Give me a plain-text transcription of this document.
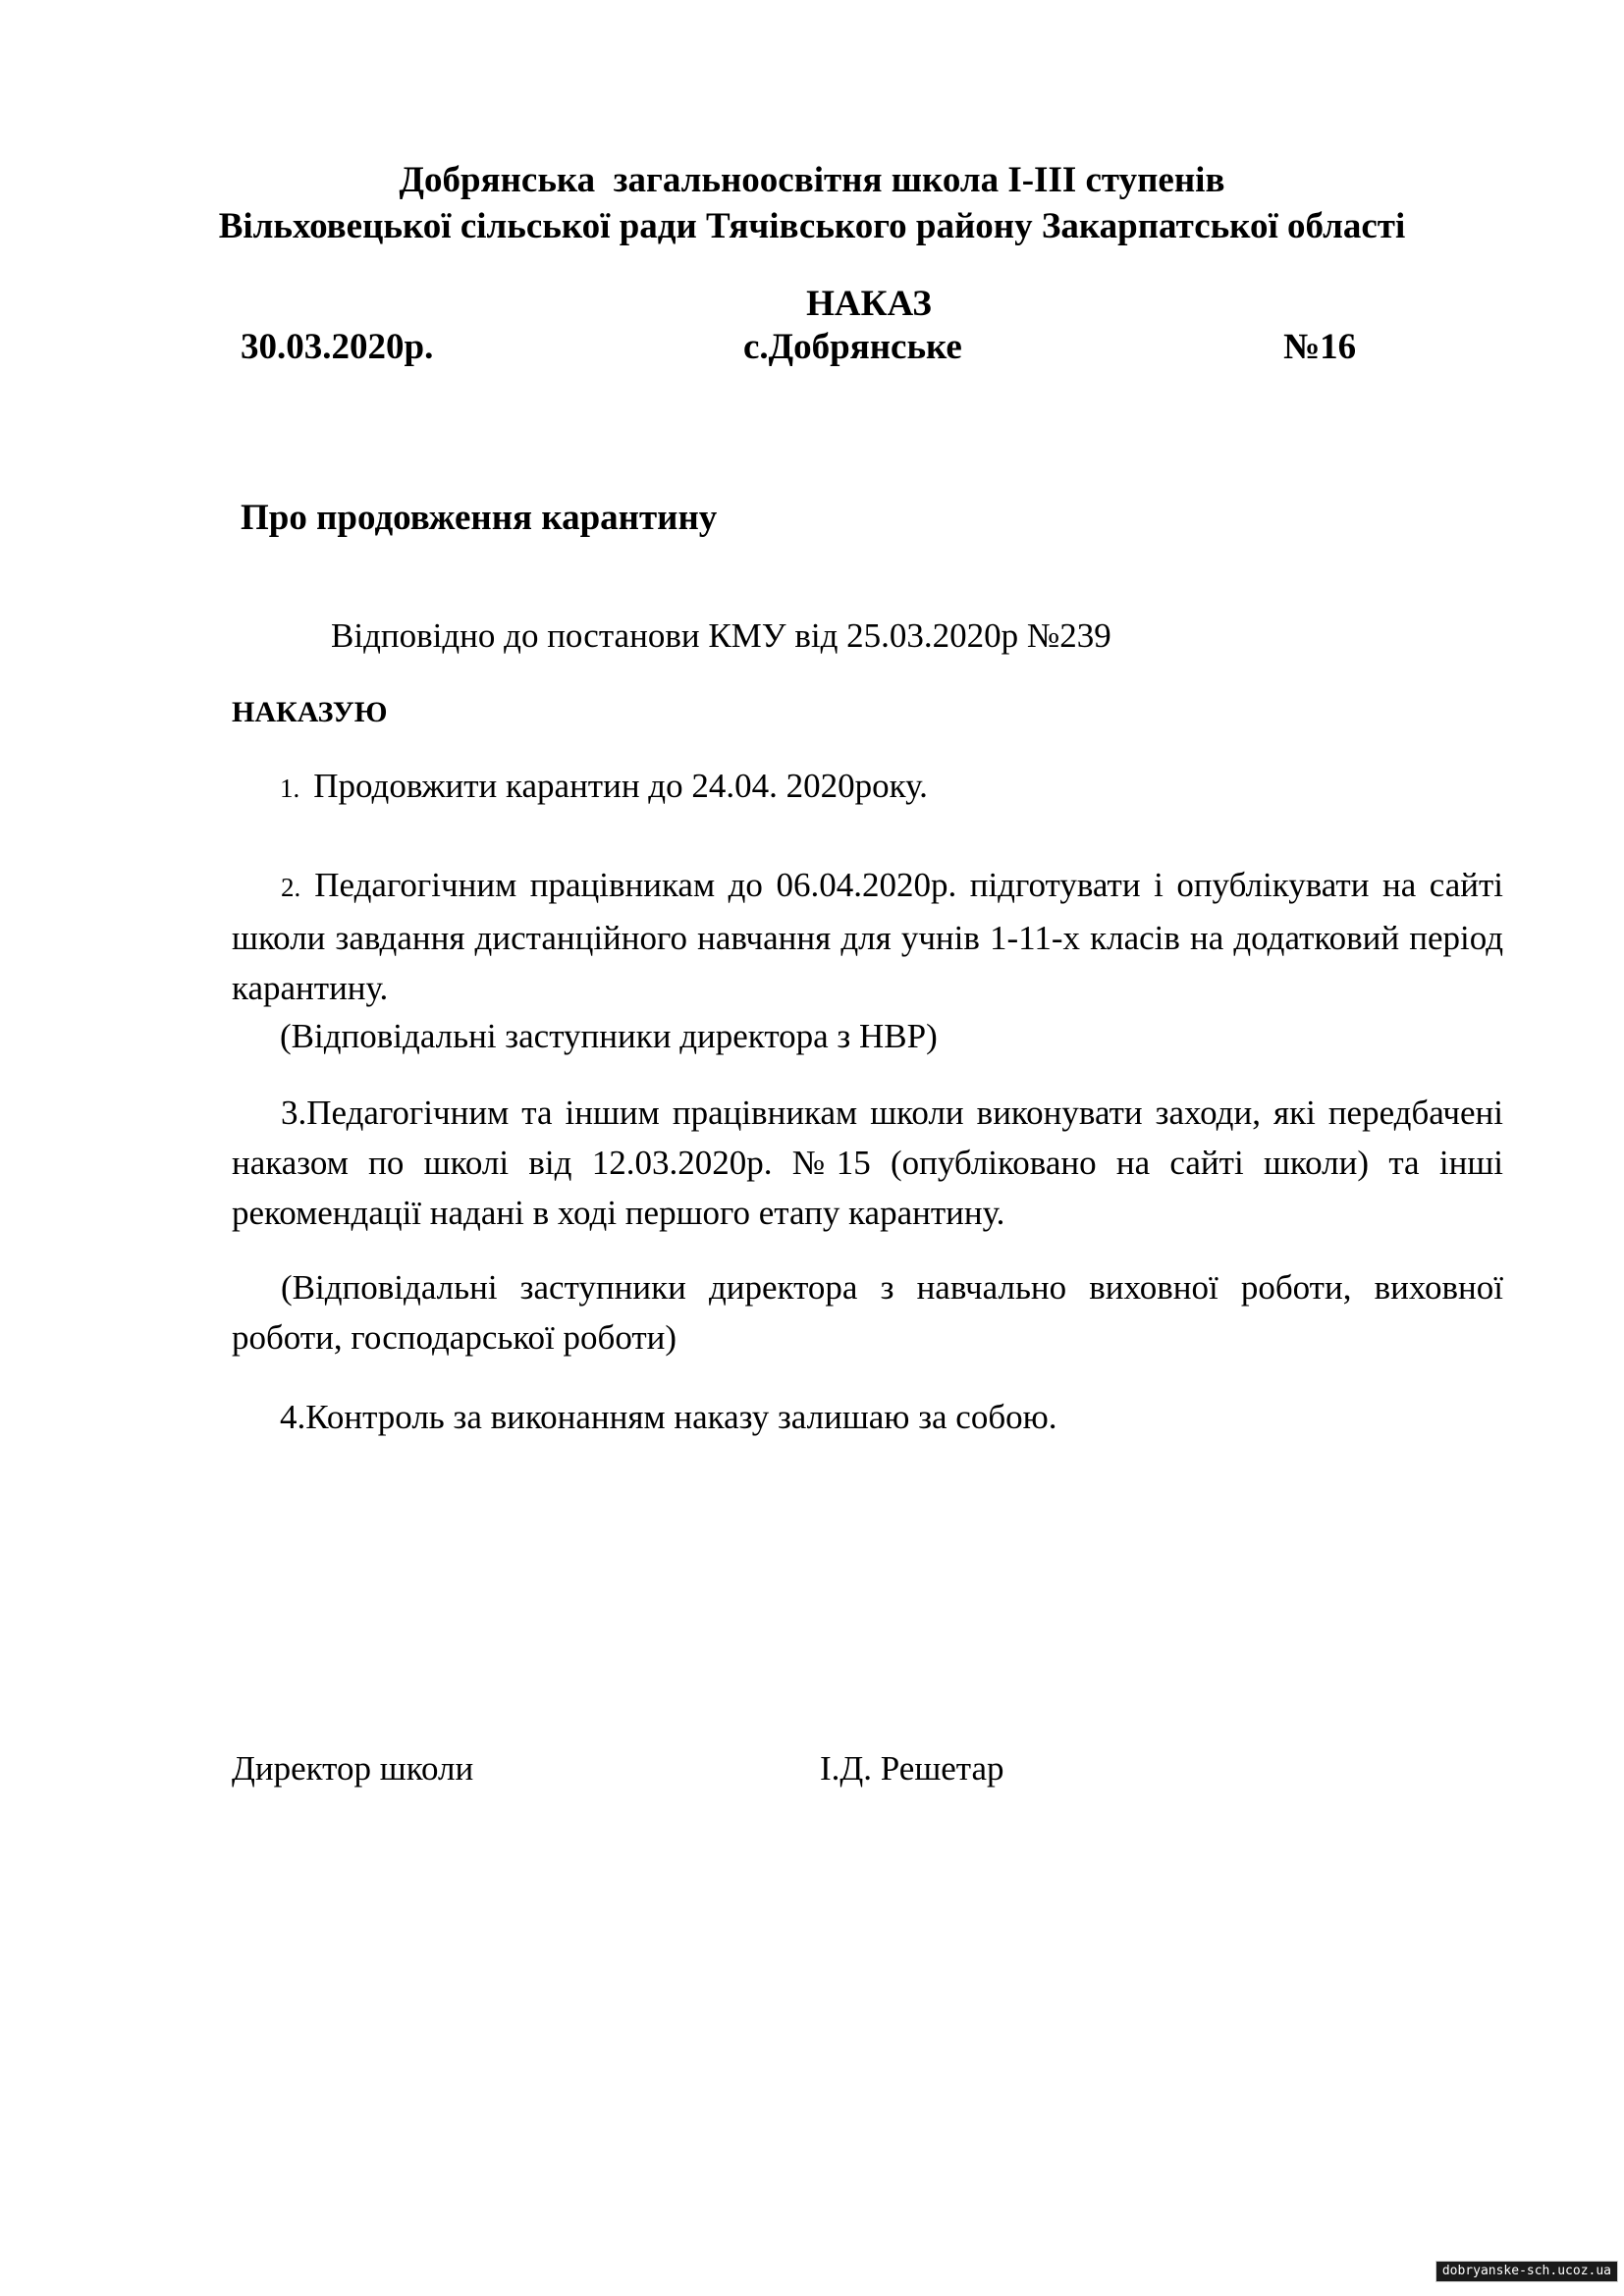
Добрянська  загальноосвітня школа І-ІІІ ступенів
Вільховецької сільської ради Тячівського району Закарпатської області
НАКАЗ
30.03.2020р.	с.Добрянське	№16
Про продовження карантину
Відповідно до постанови КМУ від 25.03.2020р №239
НАКАЗУЮ
1. Продовжити карантин до 24.04. 2020року.
2. Педагогічним працівникам до 06.04.2020р. підготувати і опублікувати на сайті школи завдання дистанційного навчання для учнів 1-11-х класів на додатковий період карантину.
(Відповідальні заступники директора з НВР)
3.Педагогічним та іншим працівникам школи виконувати заходи, які передбачені наказом по школі від 12.03.2020р. №15 (опубліковано на сайті школи) та інші рекомендації надані в ході першого етапу карантину.
(Відповідальні заступники директора з навчально виховної роботи, виховної роботи, господарської роботи)
4.Контроль за виконанням наказу залишаю за собою.
Директор школи	І.Д. Решетар
dobryanske-sch.ucoz.ua
